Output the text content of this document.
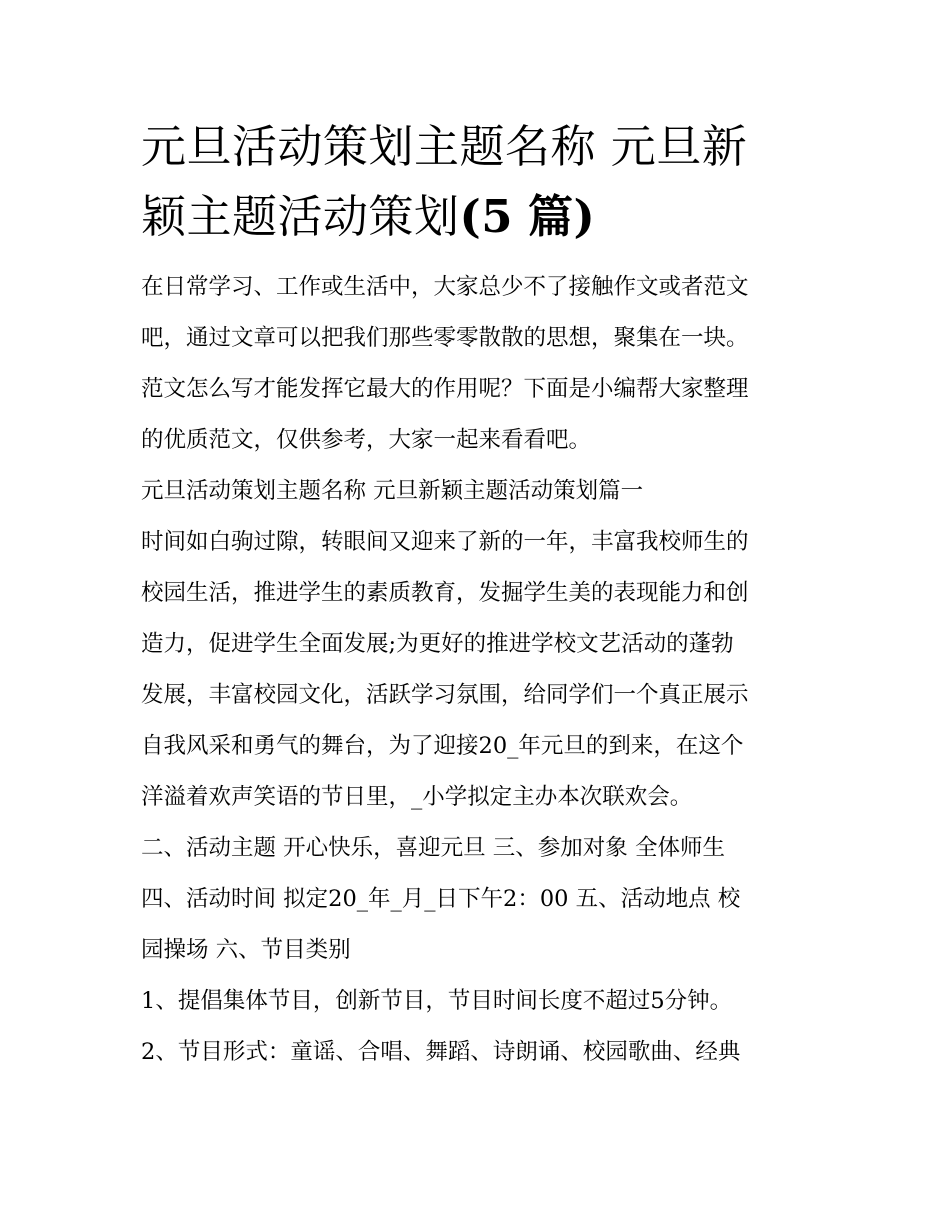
元旦活动策划主题名称 元旦新
颖主题活动策划(5 篇)
在日常学习、工作或生活中，大家总少不了接触作文或者范文
吧，通过文章可以把我们那些零零散散的思想，聚集在一块。
范文怎么写才能发挥它最大的作用呢？下面是小编帮大家整理
的优质范文，仅供参考，大家一起来看看吧。
元旦活动策划主题名称 元旦新颖主题活动策划篇一
时间如白驹过隙，转眼间又迎来了新的一年，丰富我校师生的
校园生活，推进学生的素质教育，发掘学生美的表现能力和创
造力，促进学生全面发展;为更好的推进学校文艺活动的蓬勃
发展，丰富校园文化，活跃学习氛围，给同学们一个真正展示
自我风采和勇气的舞台，为了迎接20_年元旦的到来，在这个
洋溢着欢声笑语的节日里，_小学拟定主办本次联欢会。
二、活动主题 开心快乐，喜迎元旦 三、参加对象 全体师生
四、活动时间 拟定20_年_月_日下午2：00 五、活动地点 校
园操场 六、节目类别
1、提倡集体节目，创新节目，节目时间长度不超过5分钟。
2、节目形式：童谣、合唱、舞蹈、诗朗诵、校园歌曲、经典
